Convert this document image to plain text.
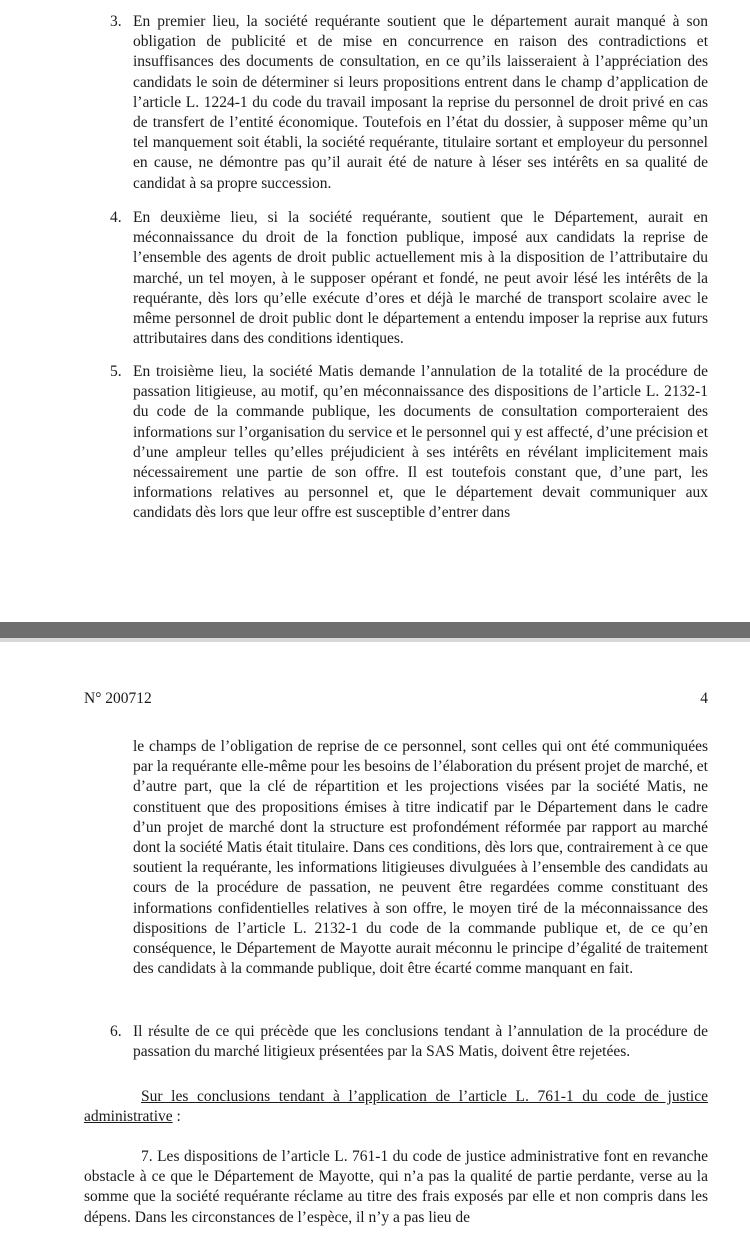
3. En premier lieu, la société requérante soutient que le département aurait manqué à son obligation de publicité et de mise en concurrence en raison des contradictions et insuffisances des documents de consultation, en ce qu’ils laisseraient à l’appréciation des candidats le soin de déterminer si leurs propositions entrent dans le champ d’application de l’article L. 1224-1 du code du travail imposant la reprise du personnel de droit privé en cas de transfert de l’entité économique. Toutefois en l’état du dossier, à supposer même qu’un tel manquement soit établi, la société requérante, titulaire sortant et employeur du personnel en cause, ne démontre pas qu’il aurait été de nature à léser ses intérêts en sa qualité de candidat à sa propre succession.
4. En deuxième lieu, si la société requérante, soutient que le Département, aurait en méconnaissance du droit de la fonction publique, imposé aux candidats la reprise de l’ensemble des agents de droit public actuellement mis à la disposition de l’attributaire du marché, un tel moyen, à le supposer opérant et fondé, ne peut avoir lésé les intérêts de la requérante, dès lors qu’elle exécute d’ores et déjà le marché de transport scolaire avec le même personnel de droit public dont le département a entendu imposer la reprise aux futurs attributaires dans des conditions identiques.
5. En troisième lieu, la société Matis demande l’annulation de la totalité de la procédure de passation litigieuse, au motif, qu’en méconnaissance des dispositions de l’article L. 2132-1 du code de la commande publique, les documents de consultation comporteraient des informations sur l’organisation du service et le personnel qui y est affecté, d’une précision et d’une ampleur telles qu’elles préjudicient à ses intérêts en révélant implicitement mais nécessairement une partie de son offre. Il est toutefois constant que, d’une part, les informations relatives au personnel et, que le département devait communiquer aux candidats dès lors que leur offre est susceptible d’entrer dans
N° 200712	4
le champs de l’obligation de reprise de ce personnel, sont celles qui ont été communiquées par la requérante elle-même pour les besoins de l’élaboration du présent projet de marché, et d’autre part, que la clé de répartition et les projections visées par la société Matis, ne constituent que des propositions émises à titre indicatif par le Département dans le cadre d’un projet de marché dont la structure est profondément réformée par rapport au marché dont la société Matis était titulaire. Dans ces conditions, dès lors que, contrairement à ce que soutient la requérante, les informations litigieuses divulguées à l’ensemble des candidats au cours de la procédure de passation, ne peuvent être regardées comme constituant des informations confidentielles relatives à son offre, le moyen tiré de la méconnaissance des dispositions de l’article L. 2132-1 du code de la commande publique et, de ce qu’en conséquence, le Département de Mayotte aurait méconnu le principe d’égalité de traitement des candidats à la commande publique, doit être écarté comme manquant en fait.
6. Il résulte de ce qui précède que les conclusions tendant à l’annulation de la procédure de passation du marché litigieux présentées par la SAS Matis, doivent être rejetées.
Sur les conclusions tendant à l’application de l’article L. 761-1 du code de justice administrative :
7. Les dispositions de l’article L. 761-1 du code de justice administrative font en revanche obstacle à ce que le Département de Mayotte, qui n’a pas la qualité de partie perdante, verse au la somme que la société requérante réclame au titre des frais exposés par elle et non compris dans les dépens. Dans les circonstances de l’espèce, il n’y a pas lieu de
